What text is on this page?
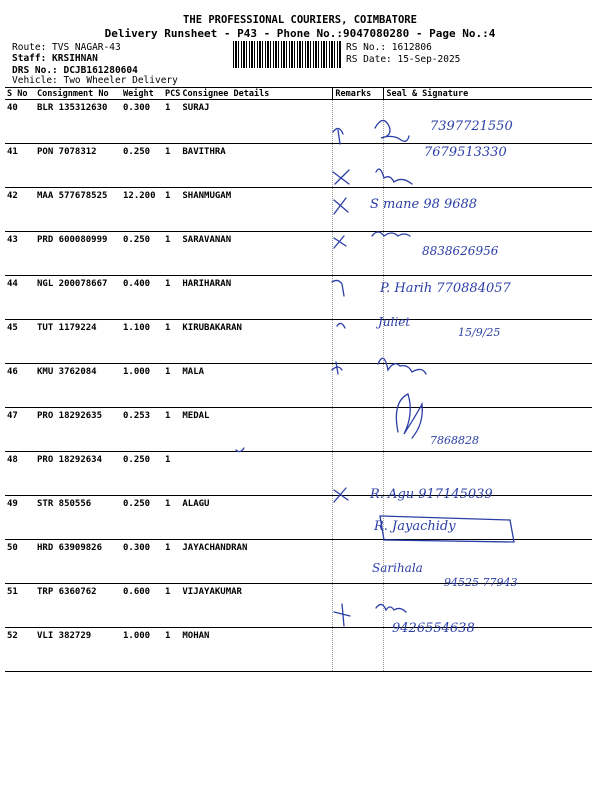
THE PROFESSIONAL COURIERS, COIMBATORE
Delivery Runsheet - P43 - Phone No.:9047080280 - Page No.:4
Route: TVS NAGAR-43
Staff: KRSIHNAN
DRS No.: DCJB161280604
Vehicle: Two Wheeler Delivery
RS No.: 1612806
RS Date: 15-Sep-2025
S No	Consignment No	Weight	PCS	Consignee Details	Remarks	Seal & Signature
40	BLR 135312630	0.300	1	SURAJ		
41	PON 7078312	0.250	1	BAVITHRA		
42	MAA 577678525	12.200	1	SHANMUGAM		
43	PRD 600080999	0.250	1	SARAVANAN		
44	NGL 200078667	0.400	1	HARIHARAN		
45	TUT 1179224	1.100	1	KIRUBAKARAN		
46	KMU 3762084	1.000	1	MALA		
47	PRO 18292635	0.253	1	MEDAL		
48	PRO 18292634	0.250	1			
49	STR 850556	0.250	1	ALAGU		
50	HRD 63909826	0.300	1	JAYACHANDRAN		
51	TRP 6360762	0.600	1	VIJAYAKUMAR		
52	VLI 382729	1.000	1	MOHAN		
7397721550
7679513330
S mane 98 9688
8838626956
P. Harih 770884057
Juliet
15/9/25
7868828
R. Agu 917145039
R. Jayachidy
Sarihala
94525 77943
9426554638
